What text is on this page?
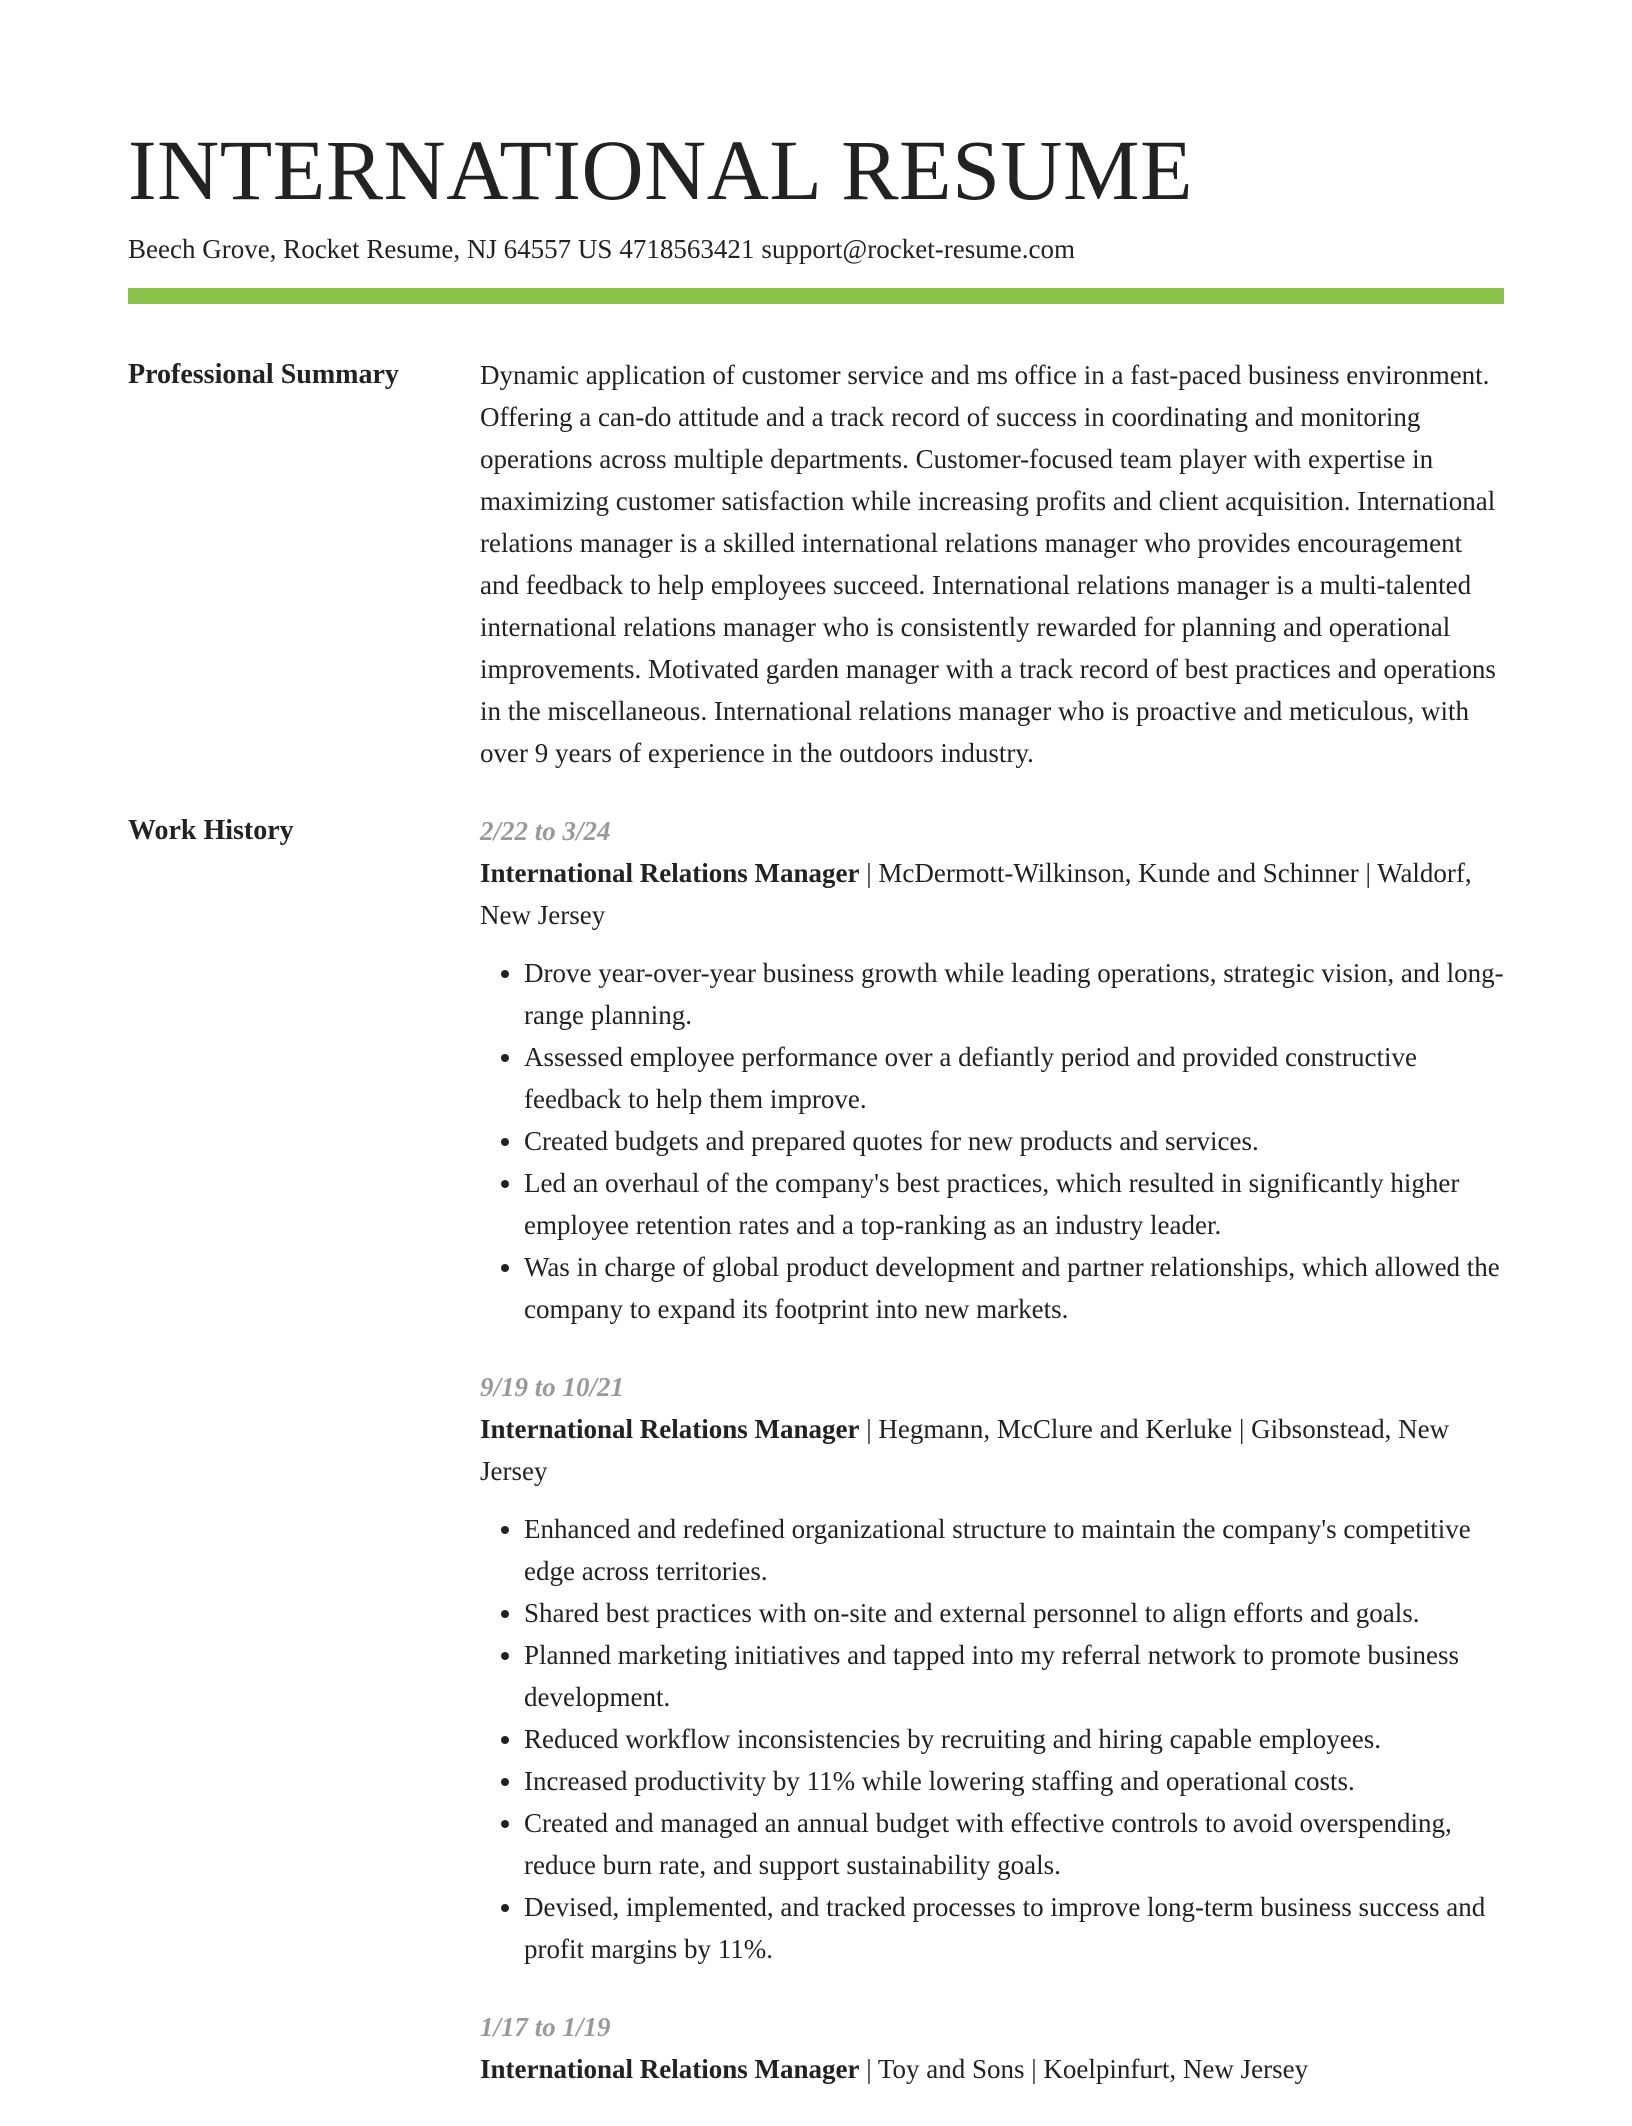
INTERNATIONAL RESUME
Beech Grove, Rocket Resume, NJ 64557 US 4718563421 support@rocket-resume.com
Professional Summary	Dynamic application of customer service and ms office in a fast-paced business environment. Offering a can-do attitude and a track record of success in coordinating and monitoring operations across multiple departments. Customer-focused team player with expertise in maximizing customer satisfaction while increasing profits and client acquisition. International relations manager is a skilled international relations manager who provides encouragement and feedback to help employees succeed. International relations manager is a multi-talented international relations manager who is consistently rewarded for planning and operational improvements. Motivated garden manager with a track record of best practices and operations in the miscellaneous. International relations manager who is proactive and meticulous, with over 9 years of experience in the outdoors industry.

Work History	2/22 to 3/24
International Relations Manager | McDermott-Wilkinson, Kunde and Schinner | Waldorf, New Jersey
• Drove year-over-year business growth while leading operations, strategic vision, and long-range planning.
• Assessed employee performance over a defiantly period and provided constructive feedback to help them improve.
• Created budgets and prepared quotes for new products and services.
• Led an overhaul of the company's best practices, which resulted in significantly higher employee retention rates and a top-ranking as an industry leader.
• Was in charge of global product development and partner relationships, which allowed the company to expand its footprint into new markets.
9/19 to 10/21
International Relations Manager | Hegmann, McClure and Kerluke | Gibsonstead, New Jersey
• Enhanced and redefined organizational structure to maintain the company's competitive edge across territories.
• Shared best practices with on-site and external personnel to align efforts and goals.
• Planned marketing initiatives and tapped into my referral network to promote business development.
• Reduced workflow inconsistencies by recruiting and hiring capable employees.
• Increased productivity by 11% while lowering staffing and operational costs.
• Created and managed an annual budget with effective controls to avoid overspending, reduce burn rate, and support sustainability goals.
• Devised, implemented, and tracked processes to improve long-term business success and profit margins by 11%.
1/17 to 1/19
International Relations Manager | Toy and Sons | Koelpinfurt, New Jersey
